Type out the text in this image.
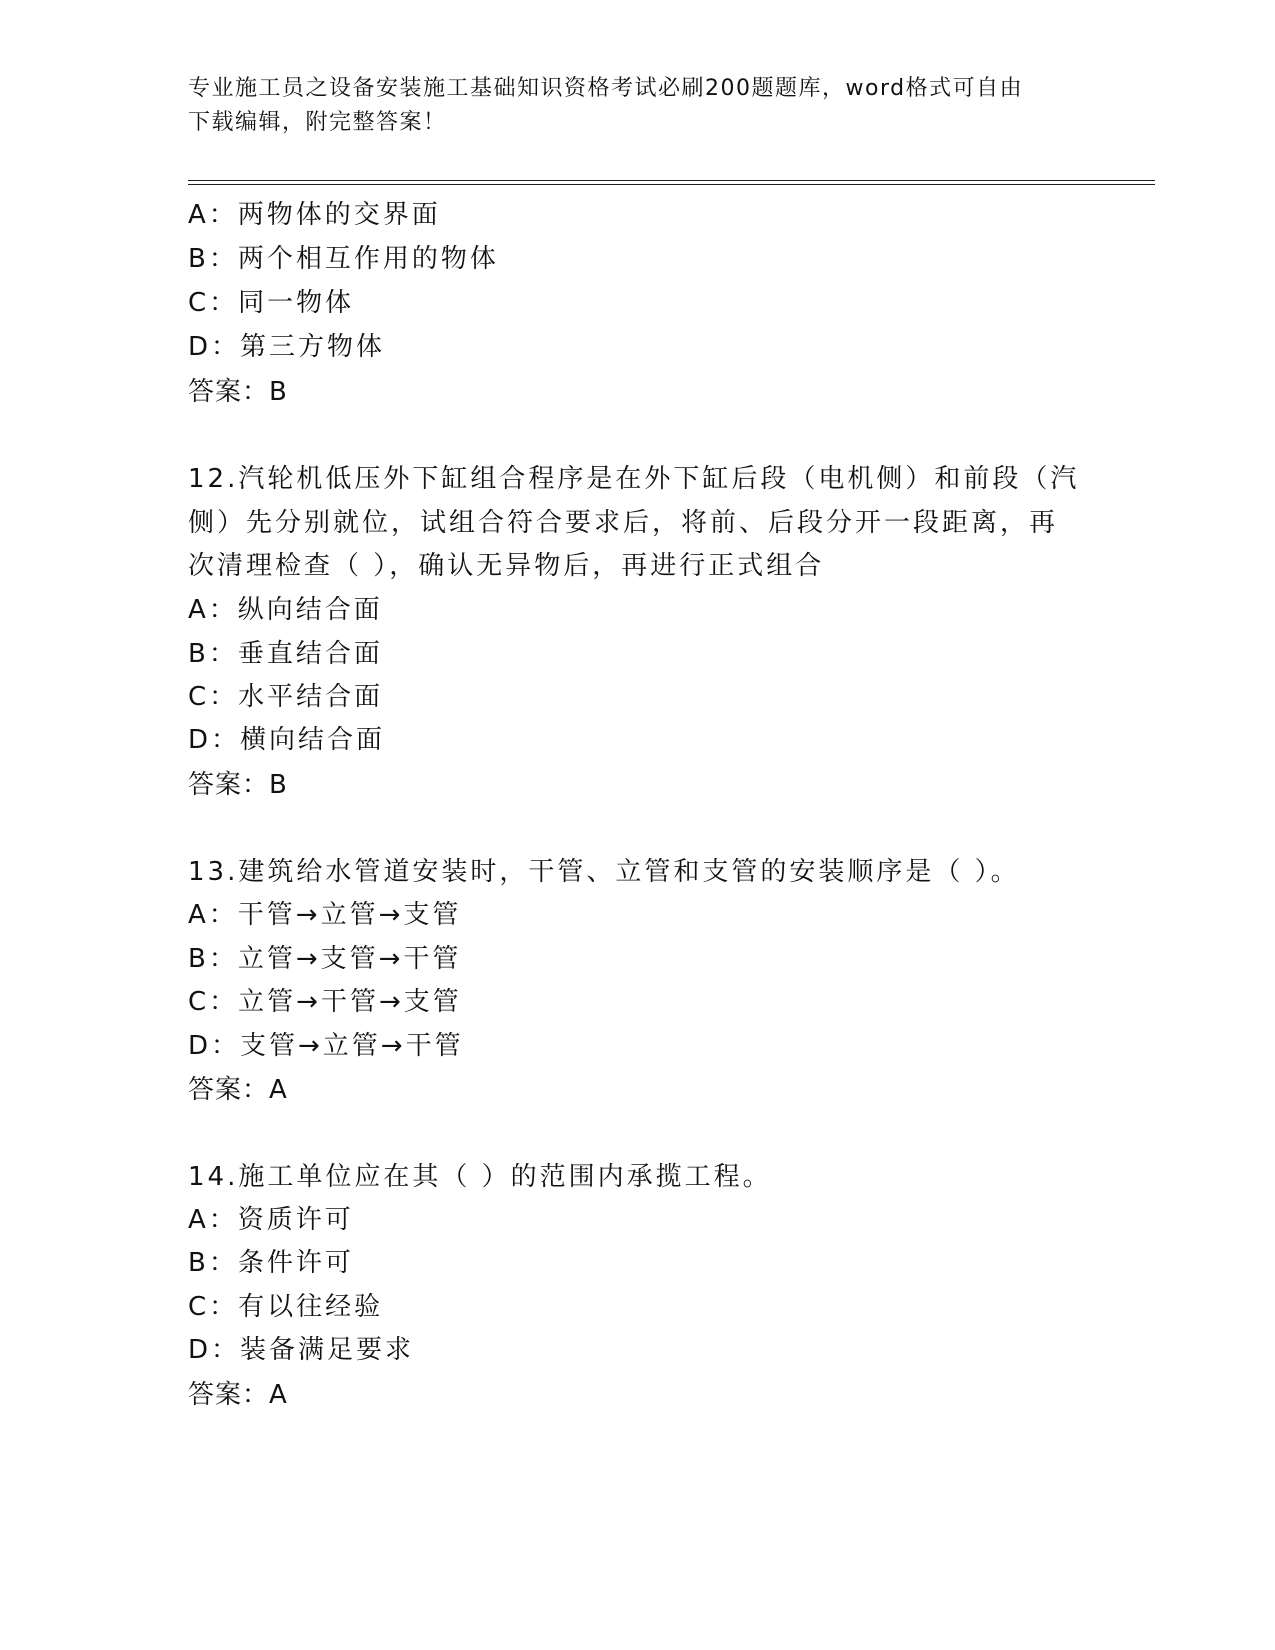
专业施工员之设备安装施工基础知识资格考试必刷200题题库，word格式可自由
下载编辑，附完整答案！
A：两物体的交界面
B：两个相互作用的物体
C：同一物体
D：第三方物体
答案：B
12.汽轮机低压外下缸组合程序是在外下缸后段（电机侧）和前段（汽
侧）先分别就位，试组合符合要求后，将前、后段分开一段距离，再
次清理检查（ ），确认无异物后，再进行正式组合
A：纵向结合面
B：垂直结合面
C：水平结合面
D：横向结合面
答案：B
13.建筑给水管道安装时，干管、立管和支管的安装顺序是（ ）。
A：干管→立管→支管
B：立管→支管→干管
C：立管→干管→支管
D：支管→立管→干管
答案：A
14.施工单位应在其（ ）的范围内承揽工程。
A：资质许可
B：条件许可
C：有以往经验
D：装备满足要求
答案：A
